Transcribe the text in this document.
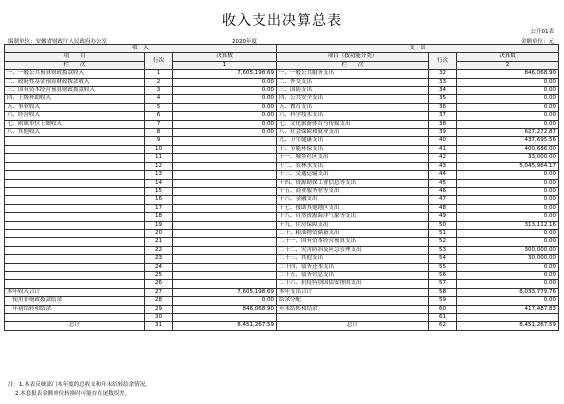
收入支出决算总表
公开01表
编制单位：安徽省财政厅人民政府办公室	2020年度	金额单位：元
收　入			支　出		
项　　目	行次	决算数	项目（按功能分类）	行次	决算数
栏　　次		1	栏　　次		2
一、一般公共预算财政拨款收入	1	7,605,198.69	一、一般公共服务支出	32	846,068.90
二、政府性基金预算财政拨款收入	2	0.00	二、外交支出	33	0.00
三、国有资本经营预算财政拨款收入	3	0.00	三、国防支出	34	0.00
四、上级补助收入	4	0.00	四、公共安全支出	35	0.00
五、事业收入	5	0.00	五、教育支出	36	0.00
六、经营收入	6	0.00	六、科学技术支出	37	0.00
七、附属单位上缴收入	7	0.00	七、文化旅游体育与传媒支出	38	0.00
八、其他收入	8	0.00	八、社会保障和就业支出	39	627,272.87
	9		九、卫生健康支出	40	437,695.56
	10		十、节能环保支出	41	400,686.00
	11		十一、城乡社区支出	42	33,000.00
	12		十二、农林水支出	43	5,045,964.17
	13		十三、交通运输支出	44	0.00
	14		十四、资源勘探工业信息等支出	45	0.00
	15		十五、商业服务业等支出	46	0.00
	16		十六、金融支出	47	0.00
	17		十七、援助其他地区支出	48	0.00
	18		十八、自然资源海洋气象等支出	49	0.00
	19		十九、住房保障支出	50	313,112.16
	20		二十、粮油物资储备支出	51	0.00
	21		二十一、国有资本经营预算支出	52	0.00
	22		二十二、灾害防治及应急管理支出	53	300,000.00
	23		二十三、其他支出	54	30,000.00
	24		二十四、债务还本支出	55	0.00
	25		二十五、债务付息支出	56	0.00
	26		二十六、抗疫特别国债安排的支出	57	0.00
本年收入合计	27	7,605,198.69	本年支出合计	58	8,033,779.76
　使用非财政拨款结余	28	0.00	结余分配	59	0.00
　年初结转和结余	29	846,068.90	年末结转和结余	60	417,487.83
	30			61	
总计	31	8,451,267.59	总计	62	8,451,267.59
注：1.本表反映部门本年度的总收支和年末结转结余情况。
2.本套报表金额单位转换时可能存在尾数误差。
